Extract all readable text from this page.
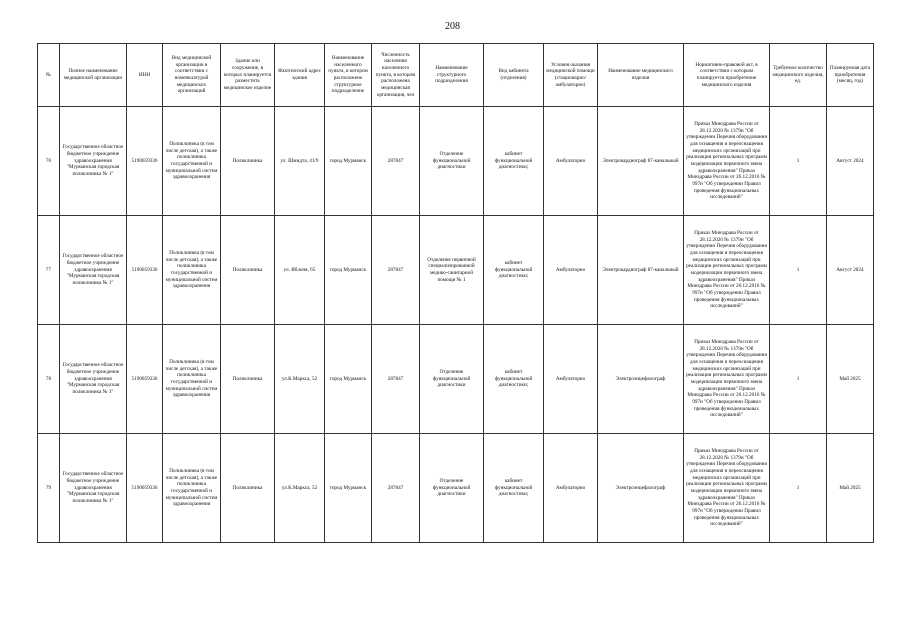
208
№	Полное наименование медицинской организации	ИНН	Вид медицинской организации в соответствии с номенклатурой медицинских организаций	Здание или сооружение, в которых планируется разместить медицинское изделие	Фактический адрес здания	Наименование населенного пункта, в котором расположено структурное подразделение	Численность населения населенного пункта, в котором расположена медицинская организация, чел	Наименование структурного подразделения	Вид кабинета (отделения)	Условия оказания медицинской помощи (стационарно/амбулаторно)	Наименование медицинского изделия	Нормативно-правовой акт, в соответствии с которым планируется приобретение медицинского изделия	Требуемое количество медицинского изделия, ед.	Планируемая дата приобретения (месяц, год)
76	Государственное областное бюджетное учреждение здравоохранения "Мурманская городская поликлиника № 1"	5190059336	Поликлиника (в том числе детская), а также поликлиника государственной и муниципальной систем здравоохранения	Поликлиника	ул. Шмидта, 41/9	город Мурманск	287847	Отделение функциональной диагностики	кабинет функциональной диагностики;	Амбулаторно	Электрокардиограф 87-канальный	Приказ Минздрава России от 28.12.2020 № 1379н "Об утверждении Перечня оборудования для оснащения и переоснащения медицинских организаций при реализации региональных программ модернизации первичного звена здравоохранения" Приказ Минздрава России от 26.12.2016 № 997н "Об утверждении Правил проведения функциональных исследований"	1	Август 2024
77	Государственное областное бюджетное учреждение здравоохранения "Мурманская городская поликлиника № 1"	5190059336	Поликлиника (в том числе детская), а также поликлиника государственной и муниципальной систем здравоохранения	Поликлиника	ул. Яблоня, 65	город Мурманск	287847	Отделение первичной специализированной медико-санитарной помощи № 1	кабинет функциональной диагностики;	Амбулаторно	Электрокардиограф 87-канальный	Приказ Минздрава России от 28.12.2020 № 1379н "Об утверждении Перечня оборудования для оснащения и переоснащения медицинских организаций при реализации региональных программ модернизации первичного звена здравоохранения" Приказ Минздрава России от 26.12.2016 № 997н "Об утверждении Правил проведения функциональных исследований"	1	Август 2024
78	Государственное областное бюджетное учреждение здравоохранения "Мурманская городская поликлиника № 1"	5190059336	Поликлиника (в том числе детская), а также поликлиника государственной и муниципальной систем здравоохранения	Поликлиника	ул.К.Маркса, 52	город Мурманск	287847	Отделение функциональной диагностики	кабинет функциональной диагностики;	Амбулаторно	Электроэнцефалограф	Приказ Минздрава России от 28.12.2020 № 1379н "Об утверждении Перечня оборудования для оснащения и переоснащения медицинских организаций при реализации региональных программ модернизации первичного звена здравоохранения" Приказ Минздрава России от 26.12.2016 № 997н "Об утверждении Правил проведения функциональных исследований"	1	Май 2025
79	Государственное областное бюджетное учреждение здравоохранения "Мурманская городская поликлиника № 1"	5190059336	Поликлиника (в том числе детская), а также поликлиника государственной и муниципальной систем здравоохранения	Поликлиника	ул.К.Маркса, 52	город Мурманск	287847	Отделение функциональной диагностики	кабинет функциональной диагностики;	Амбулаторно	Электроэнцефалограф	Приказ Минздрава России от 28.12.2020 № 1379н "Об утверждении Перечня оборудования для оснащения и переоснащения медицинских организаций при реализации региональных программ модернизации первичного звена здравоохранения" Приказ Минздрава России от 26.12.2016 № 997н "Об утверждении Правил проведения функциональных исследований"	1	Май 2025
